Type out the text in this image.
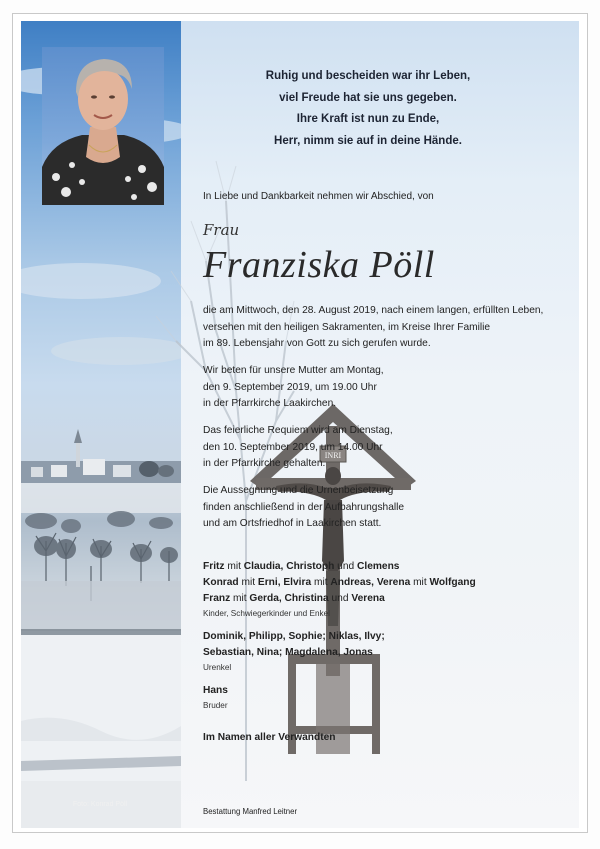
Foto: Konrad Pöll
INRI
Ruhig und bescheiden war ihr Leben,
viel Freude hat sie uns gegeben.
Ihre Kraft ist nun zu Ende,
Herr, nimm sie auf in deine Hände.
In Liebe und Dankbarkeit nehmen wir Abschied, von
Frau
Franziska Pöll
die am Mittwoch, den 28. August 2019, nach einem langen, erfüllten Leben,
versehen mit den heiligen Sakramenten, im Kreise Ihrer Familie
im 89. Lebensjahr von Gott zu sich gerufen wurde.
Wir beten für unsere Mutter am Montag,
den 9. September 2019, um 19.00 Uhr
in der Pfarrkirche Laakirchen.
Das feierliche Requiem wird am Dienstag,
den 10. September 2019, um 14.00 Uhr
in der Pfarrkirche gehalten.
Die Aussegnung und die Urnenbeisetzung
finden anschließend in der Aufbahrungshalle
und am Ortsfriedhof in Laakirchen statt.
Fritz mit Claudia, Christoph und Clemens
Konrad mit Erni, Elvira mit Andreas, Verena mit Wolfgang
Franz mit Gerda, Christina und Verena
Kinder, Schwiegerkinder und Enkel
Dominik, Philipp, Sophie; Niklas, Ilvy;
Sebastian, Nina; Magdalena, Jonas
Urenkel
Hans
Bruder
Im Namen aller Verwandten
Bestattung Manfred Leitner
